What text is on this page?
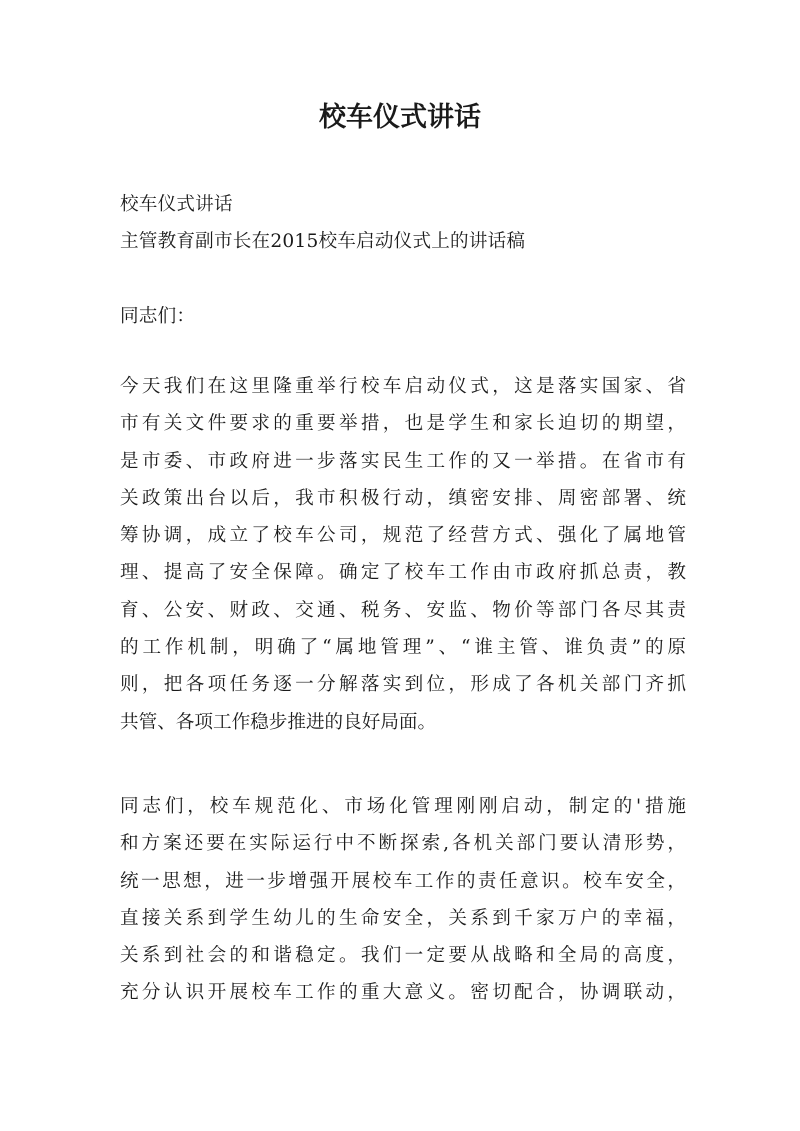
校车仪式讲话

校车仪式讲话

主管教育副市长在2015校车启动仪式上的讲话稿

同志们：

今天我们在这里隆重举行校车启动仪式，这是落实国家、省
市有关文件要求的重要举措，也是学生和家长迫切的期望，
是市委、市政府进一步落实民生工作的又一举措。在省市有
关政策出台以后，我市积极行动，缜密安排、周密部署、统
筹协调，成立了校车公司，规范了经营方式、强化了属地管
理、提高了安全保障。确定了校车工作由市政府抓总责，教
育、公安、财政、交通、税务、安监、物价等部门各尽其责
的工作机制，明确了“属地管理”、“谁主管、谁负责”的原
则，把各项任务逐一分解落实到位，形成了各机关部门齐抓
共管、各项工作稳步推进的良好局面。
同志们，校车规范化、市场化管理刚刚启动，制定的'措施
和方案还要在实际运行中不断探索,各机关部门要认清形势，
统一思想，进一步增强开展校车工作的责任意识。校车安全，
直接关系到学生幼儿的生命安全，关系到千家万户的幸福，
关系到社会的和谐稳定。我们一定要从战略和全局的高度，
充分认识开展校车工作的重大意义。密切配合，协调联动，
